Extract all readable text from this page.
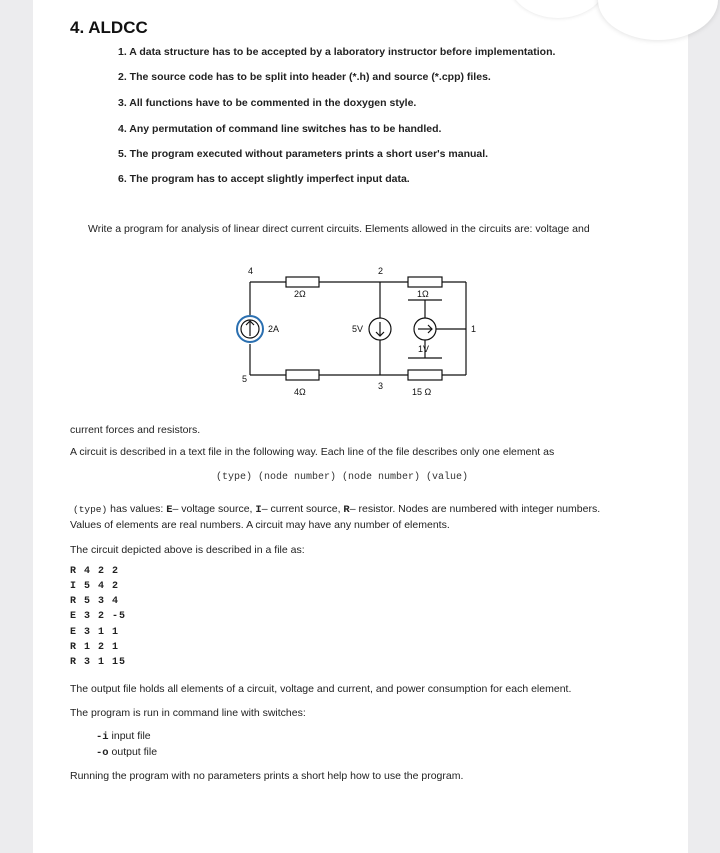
4. ALDCC
1. A data structure has to be accepted by a laboratory instructor before implementation.
2. The source code has to be split into header (*.h) and source (*.cpp) files.
3. All functions have to be commented in the doxygen style.
4. Any permutation of command line switches has to be handled.
5. The program executed without parameters prints a short user's manual.
6. The program has to accept slightly imperfect input data.
Write a program for analysis of linear direct current circuits. Elements allowed in the circuits are: voltage and
4	2
1
5
3
2Ω	1Ω
2A	5V
1V
4Ω	15 Ω
current forces and resistors.
A circuit is described in a text file in the following way. Each line of the file describes only one element as
(type) (node number) (node number) (value)
(type) has values: E– voltage source, I– current source, R– resistor. Nodes are numbered with integer numbers.
Values of elements are real numbers. A circuit may have any number of elements.
The circuit depicted above is described in a file as:
R 4 2 2
I 5 4 2
R 5 3 4
E 3 2 -5
E 3 1 1
R 1 2 1
R 3 1 15
The output file holds all elements of a circuit, voltage and current, and power consumption for each element.
The program is run in command line with switches:
-i input file
-o output file
Running the program with no parameters prints a short help how to use the program.
